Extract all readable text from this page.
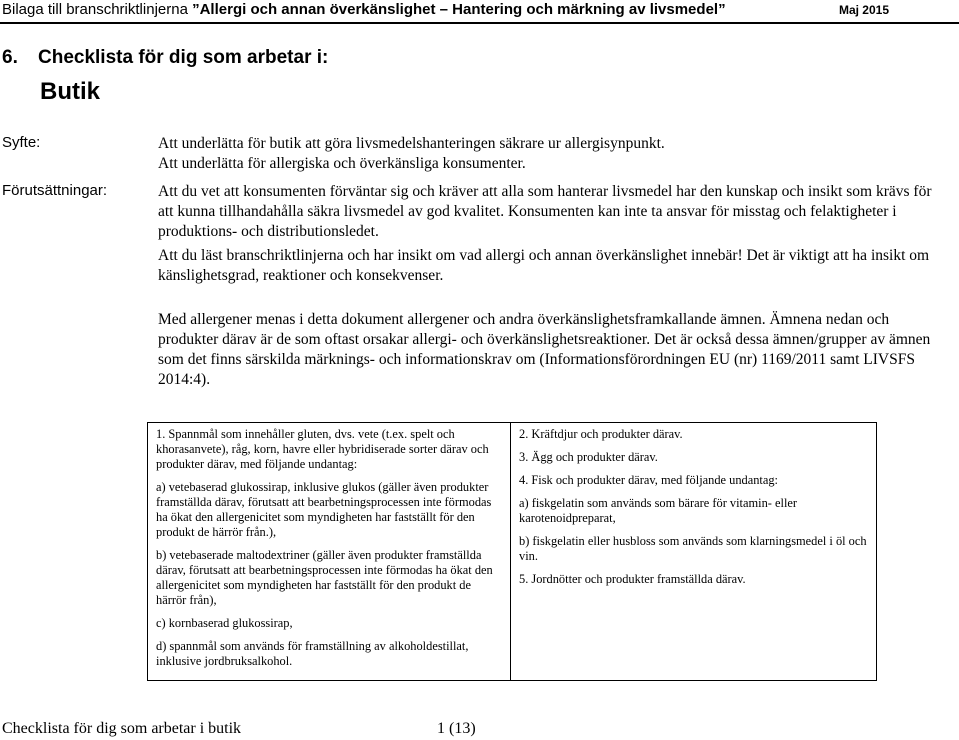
Bilaga till branschriktlinjerna ”Allergi och annan överkänslighet – Hantering och märkning av livsmedel”	Maj 2015
6. Checklista för dig som arbetar i:
Butik
Syfte:	Att underlätta för butik att göra livsmedelshanteringen säkrare ur allergisynpunkt.

Att underlätta för allergiska och överkänsliga konsumenter.

Förutsättningar:	Att du vet att konsumenten förväntar sig och kräver att alla som hanterar livsmedel har den kunskap och insikt som krävs för att kunna tillhandahålla säkra livsmedel av god kvalitet. Konsumenten kan inte ta ansvar för misstag och felaktigheter i produktions- och distributionsledet.

Att du läst branschriktlinjerna och har insikt om vad allergi och annan överkänslighet innebär! Det är viktigt att ha insikt om känslighetsgrad, reaktioner och konsekvenser.

Med allergener menas i detta dokument allergener och andra överkänslighetsframkallande ämnen. Ämnena nedan och produkter därav är de som oftast orsakar allergi- och överkänslighetsreaktioner. Det är också dessa ämnen/grupper av ämnen som det finns särskilda märknings- och informationskrav om (Informationsförordningen EU (nr) 1169/2011 samt LIVSFS 2014:4).

1. Spannmål som innehåller gluten, dvs. vete (t.ex. spelt och khorasanvete), råg, korn, havre eller hybridiserade sorter därav och produkter därav, med följande undantag:

a) vetebaserad glukossirap, inklusive glukos (gäller även produkter framställda därav, förutsatt att bearbetningsprocessen inte förmodas ha ökat den allergenicitet som myndigheten har fastställt för den produkt de härrör från.),

b) vetebaserade maltodextriner (gäller även produkter framställda därav, förutsatt att bearbetningsprocessen inte förmodas ha ökat den allergenicitet som myndigheten har fastställt för den produkt de härrör från),

c) kornbaserad glukossirap,

d) spannmål som används för framställning av alkoholdestillat, inklusive jordbruksalkohol.

2. Kräftdjur och produkter därav.

3. Ägg och produkter därav.

4. Fisk och produkter därav, med följande undantag:

a) fiskgelatin som används som bärare för vitamin- eller karotenoidpreparat,

b) fiskgelatin eller husbloss som används som klarningsmedel i öl och vin.

5. Jordnötter och produkter framställda därav.

Checklista för dig som arbetar i butik	1 (13)
